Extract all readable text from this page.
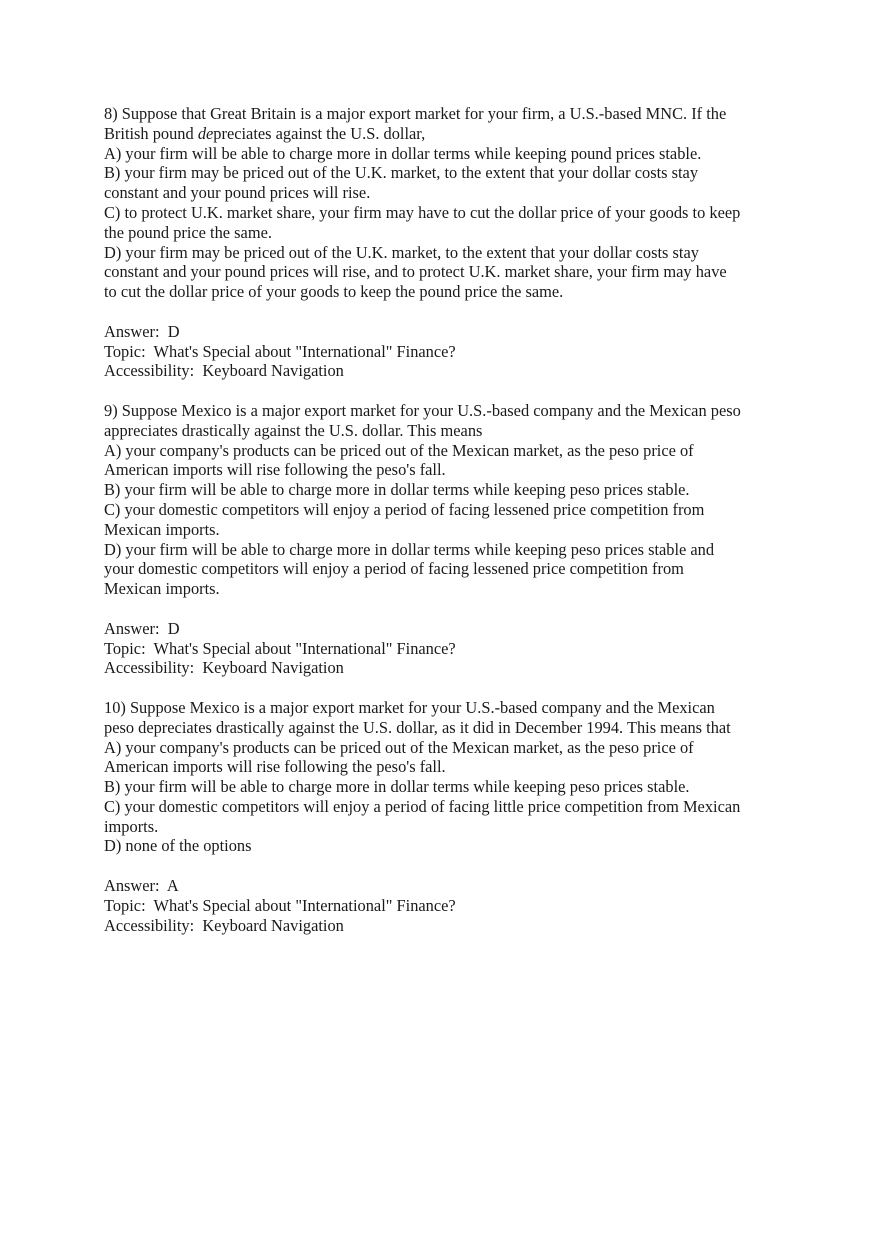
8) Suppose that Great Britain is a major export market for your firm, a U.S.-based MNC. If the
British pound depreciates against the U.S. dollar,
A) your firm will be able to charge more in dollar terms while keeping pound prices stable.
B) your firm may be priced out of the U.K. market, to the extent that your dollar costs stay
constant and your pound prices will rise.
C) to protect U.K. market share, your firm may have to cut the dollar price of your goods to keep
the pound price the same.
D) your firm may be priced out of the U.K. market, to the extent that your dollar costs stay
constant and your pound prices will rise, and to protect U.K. market share, your firm may have
to cut the dollar price of your goods to keep the pound price the same.
Answer:  D
Topic:  What's Special about "International" Finance?
Accessibility:  Keyboard Navigation
9) Suppose Mexico is a major export market for your U.S.-based company and the Mexican peso
appreciates drastically against the U.S. dollar. This means
A) your company's products can be priced out of the Mexican market, as the peso price of
American imports will rise following the peso's fall.
B) your firm will be able to charge more in dollar terms while keeping peso prices stable.
C) your domestic competitors will enjoy a period of facing lessened price competition from
Mexican imports.
D) your firm will be able to charge more in dollar terms while keeping peso prices stable and
your domestic competitors will enjoy a period of facing lessened price competition from
Mexican imports.
Answer:  D
Topic:  What's Special about "International" Finance?
Accessibility:  Keyboard Navigation
10) Suppose Mexico is a major export market for your U.S.-based company and the Mexican
peso depreciates drastically against the U.S. dollar, as it did in December 1994. This means that
A) your company's products can be priced out of the Mexican market, as the peso price of
American imports will rise following the peso's fall.
B) your firm will be able to charge more in dollar terms while keeping peso prices stable.
C) your domestic competitors will enjoy a period of facing little price competition from Mexican
imports.
D) none of the options
Answer:  A
Topic:  What's Special about "International" Finance?
Accessibility:  Keyboard Navigation
